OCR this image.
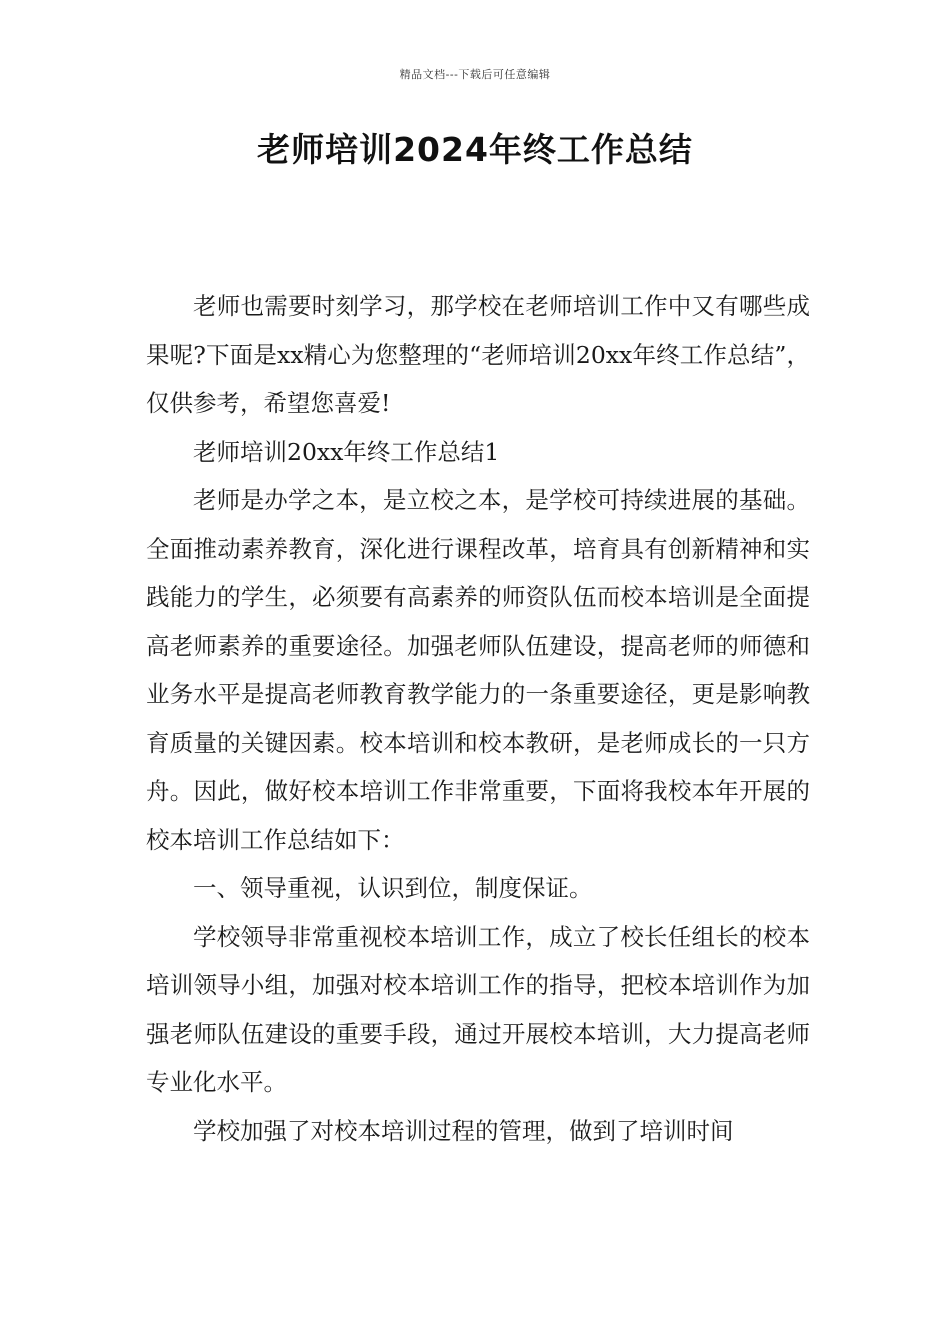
精品文档---下载后可任意编辑
老师培训2024年终工作总结

老师也需要时刻学习，那学校在老师培训工作中又有哪些成果呢?下面是xx精心为您整理的“老师培训20xx年终工作总结”，仅供参考，希望您喜爱!

老师培训20xx年终工作总结1

老师是办学之本，是立校之本，是学校可持续进展的基础。全面推动素养教育，深化进行课程改革，培育具有创新精神和实践能力的学生，必须要有高素养的师资队伍而校本培训是全面提高老师素养的重要途径。加强老师队伍建设，提高老师的师德和业务水平是提高老师教育教学能力的一条重要途径，更是影响教育质量的关键因素。校本培训和校本教研，是老师成长的一只方舟。因此，做好校本培训工作非常重要，下面将我校本年开展的校本培训工作总结如下：

一、领导重视，认识到位，制度保证。

学校领导非常重视校本培训工作，成立了校长任组长的校本培训领导小组，加强对校本培训工作的指导，把校本培训作为加强老师队伍建设的重要手段，通过开展校本培训，大力提高老师专业化水平。

学校加强了对校本培训过程的管理，做到了培训时间
